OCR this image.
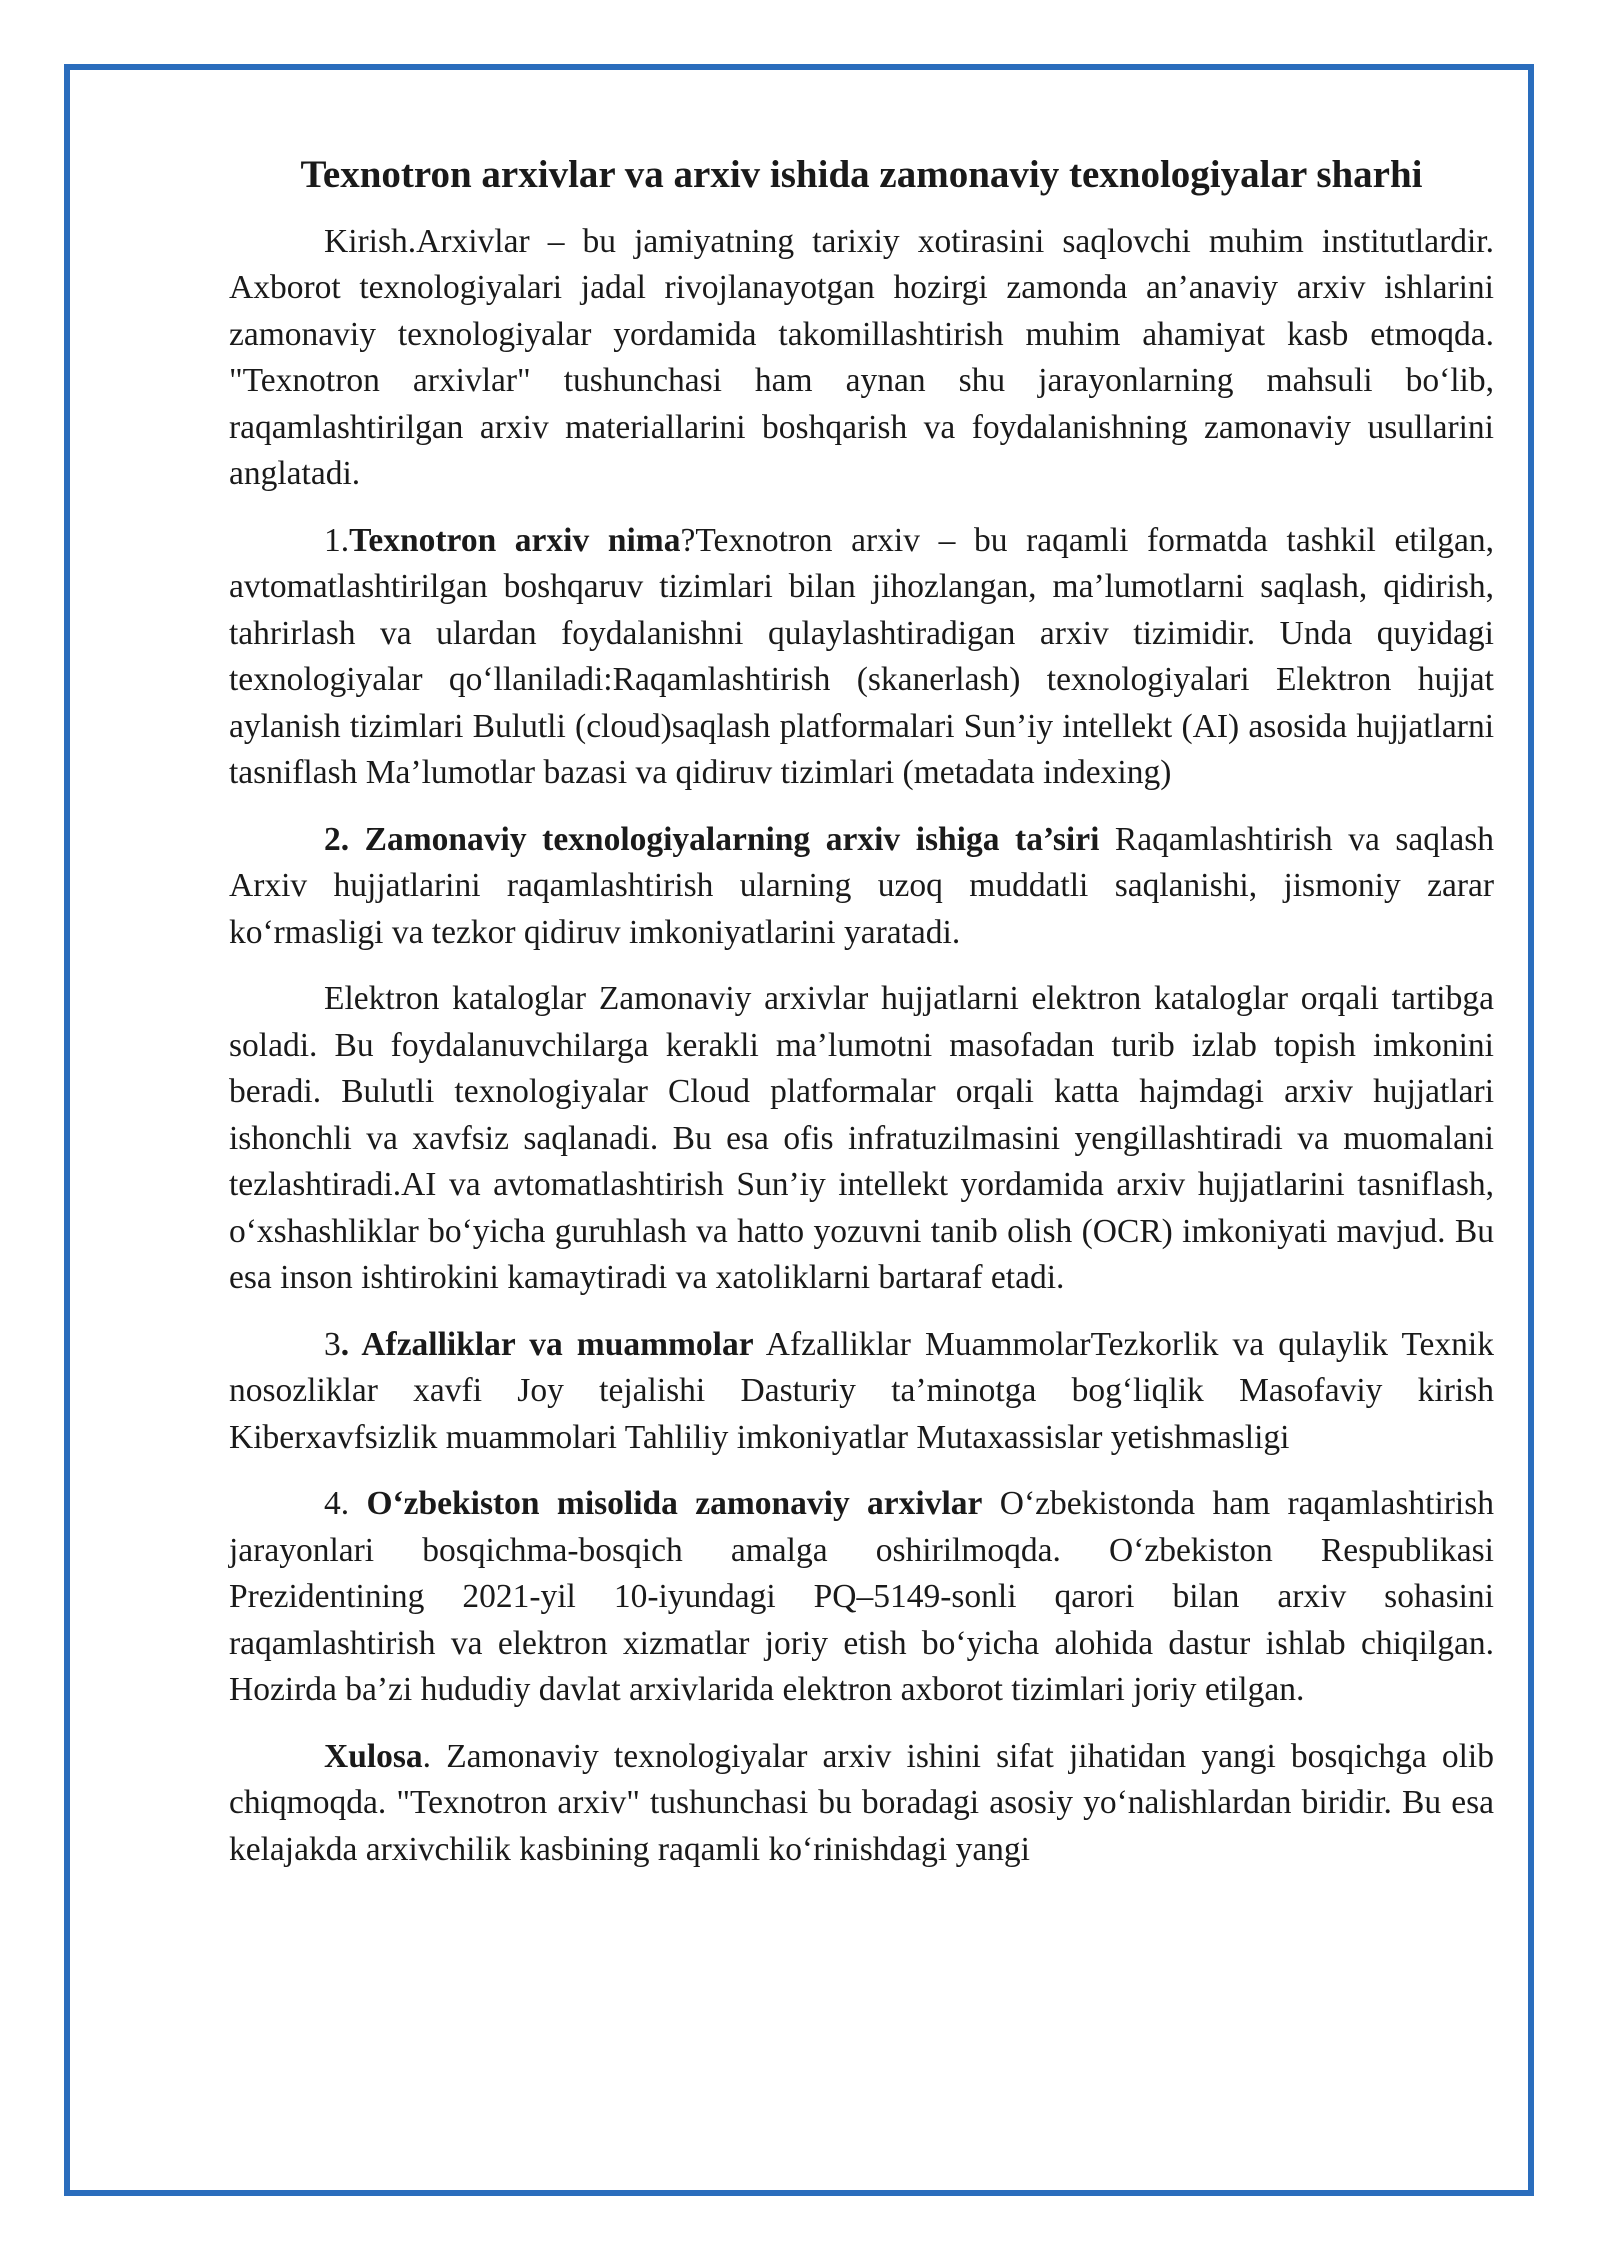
Texnotron arxivlar va arxiv ishida zamonaviy texnologiyalar sharhi

Kirish.Arxivlar – bu jamiyatning tarixiy xotirasini saqlovchi muhim institutlardir. Axborot texnologiyalari jadal rivojlanayotgan hozirgi zamonda an’anaviy arxiv ishlarini zamonaviy texnologiyalar yordamida takomillashtirish muhim ahamiyat kasb etmoqda. "Texnotron arxivlar" tushunchasi ham aynan shu jarayonlarning mahsuli bo‘lib, raqamlashtirilgan arxiv materiallarini boshqarish va foydalanishning zamonaviy usullarini anglatadi.

1.Texnotron arxiv nima?Texnotron arxiv – bu raqamli formatda tashkil etilgan, avtomatlashtirilgan boshqaruv tizimlari bilan jihozlangan, ma’lumotlarni saqlash, qidirish, tahrirlash va ulardan foydalanishni qulaylashtiradigan arxiv tizimidir. Unda quyidagi texnologiyalar qo‘llaniladi:Raqamlashtirish (skanerlash) texnologiyalari Elektron hujjat aylanish tizimlari Bulutli (cloud)saqlash platformalari Sun’iy intellekt (AI) asosida hujjatlarni tasniflash Ma’lumotlar bazasi va qidiruv tizimlari (metadata indexing)

2. Zamonaviy texnologiyalarning arxiv ishiga ta’siri Raqamlashtirish va saqlash Arxiv hujjatlarini raqamlashtirish ularning uzoq muddatli saqlanishi, jismoniy zarar ko‘rmasligi va tezkor qidiruv imkoniyatlarini yaratadi.

Elektron kataloglar Zamonaviy arxivlar hujjatlarni elektron kataloglar orqali tartibga soladi. Bu foydalanuvchilarga kerakli ma’lumotni masofadan turib izlab topish imkonini beradi. Bulutli texnologiyalar Cloud platformalar orqali katta hajmdagi arxiv hujjatlari ishonchli va xavfsiz saqlanadi. Bu esa ofis infratuzilmasini yengillashtiradi va muomalani tezlashtiradi.AI va avtomatlashtirish Sun’iy intellekt yordamida arxiv hujjatlarini tasniflash, o‘xshashliklar bo‘yicha guruhlash va hatto yozuvni tanib olish (OCR) imkoniyati mavjud. Bu esa inson ishtirokini kamaytiradi va xatoliklarni bartaraf etadi.

3. Afzalliklar va muammolar Afzalliklar MuammolarTezkorlik va qulaylik Texnik nosozliklar xavfi Joy tejalishi Dasturiy ta’minotga bog‘liqlik Masofaviy kirish Kiberxavfsizlik muammolari Tahliliy imkoniyatlar Mutaxassislar yetishmasligi

4. O‘zbekiston misolida zamonaviy arxivlar O‘zbekistonda ham raqamlashtirish jarayonlari bosqichma-bosqich amalga oshirilmoqda. O‘zbekiston Respublikasi Prezidentining 2021-yil 10-iyundagi PQ–5149-sonli qarori bilan arxiv sohasini raqamlashtirish va elektron xizmatlar joriy etish bo‘yicha alohida dastur ishlab chiqilgan. Hozirda ba’zi hududiy davlat arxivlarida elektron axborot tizimlari joriy etilgan.

Xulosa. Zamonaviy texnologiyalar arxiv ishini sifat jihatidan yangi bosqichga olib chiqmoqda. "Texnotron arxiv" tushunchasi bu boradagi asosiy yo‘nalishlardan biridir. Bu esa kelajakda arxivchilik kasbining raqamli ko‘rinishdagi yangi
